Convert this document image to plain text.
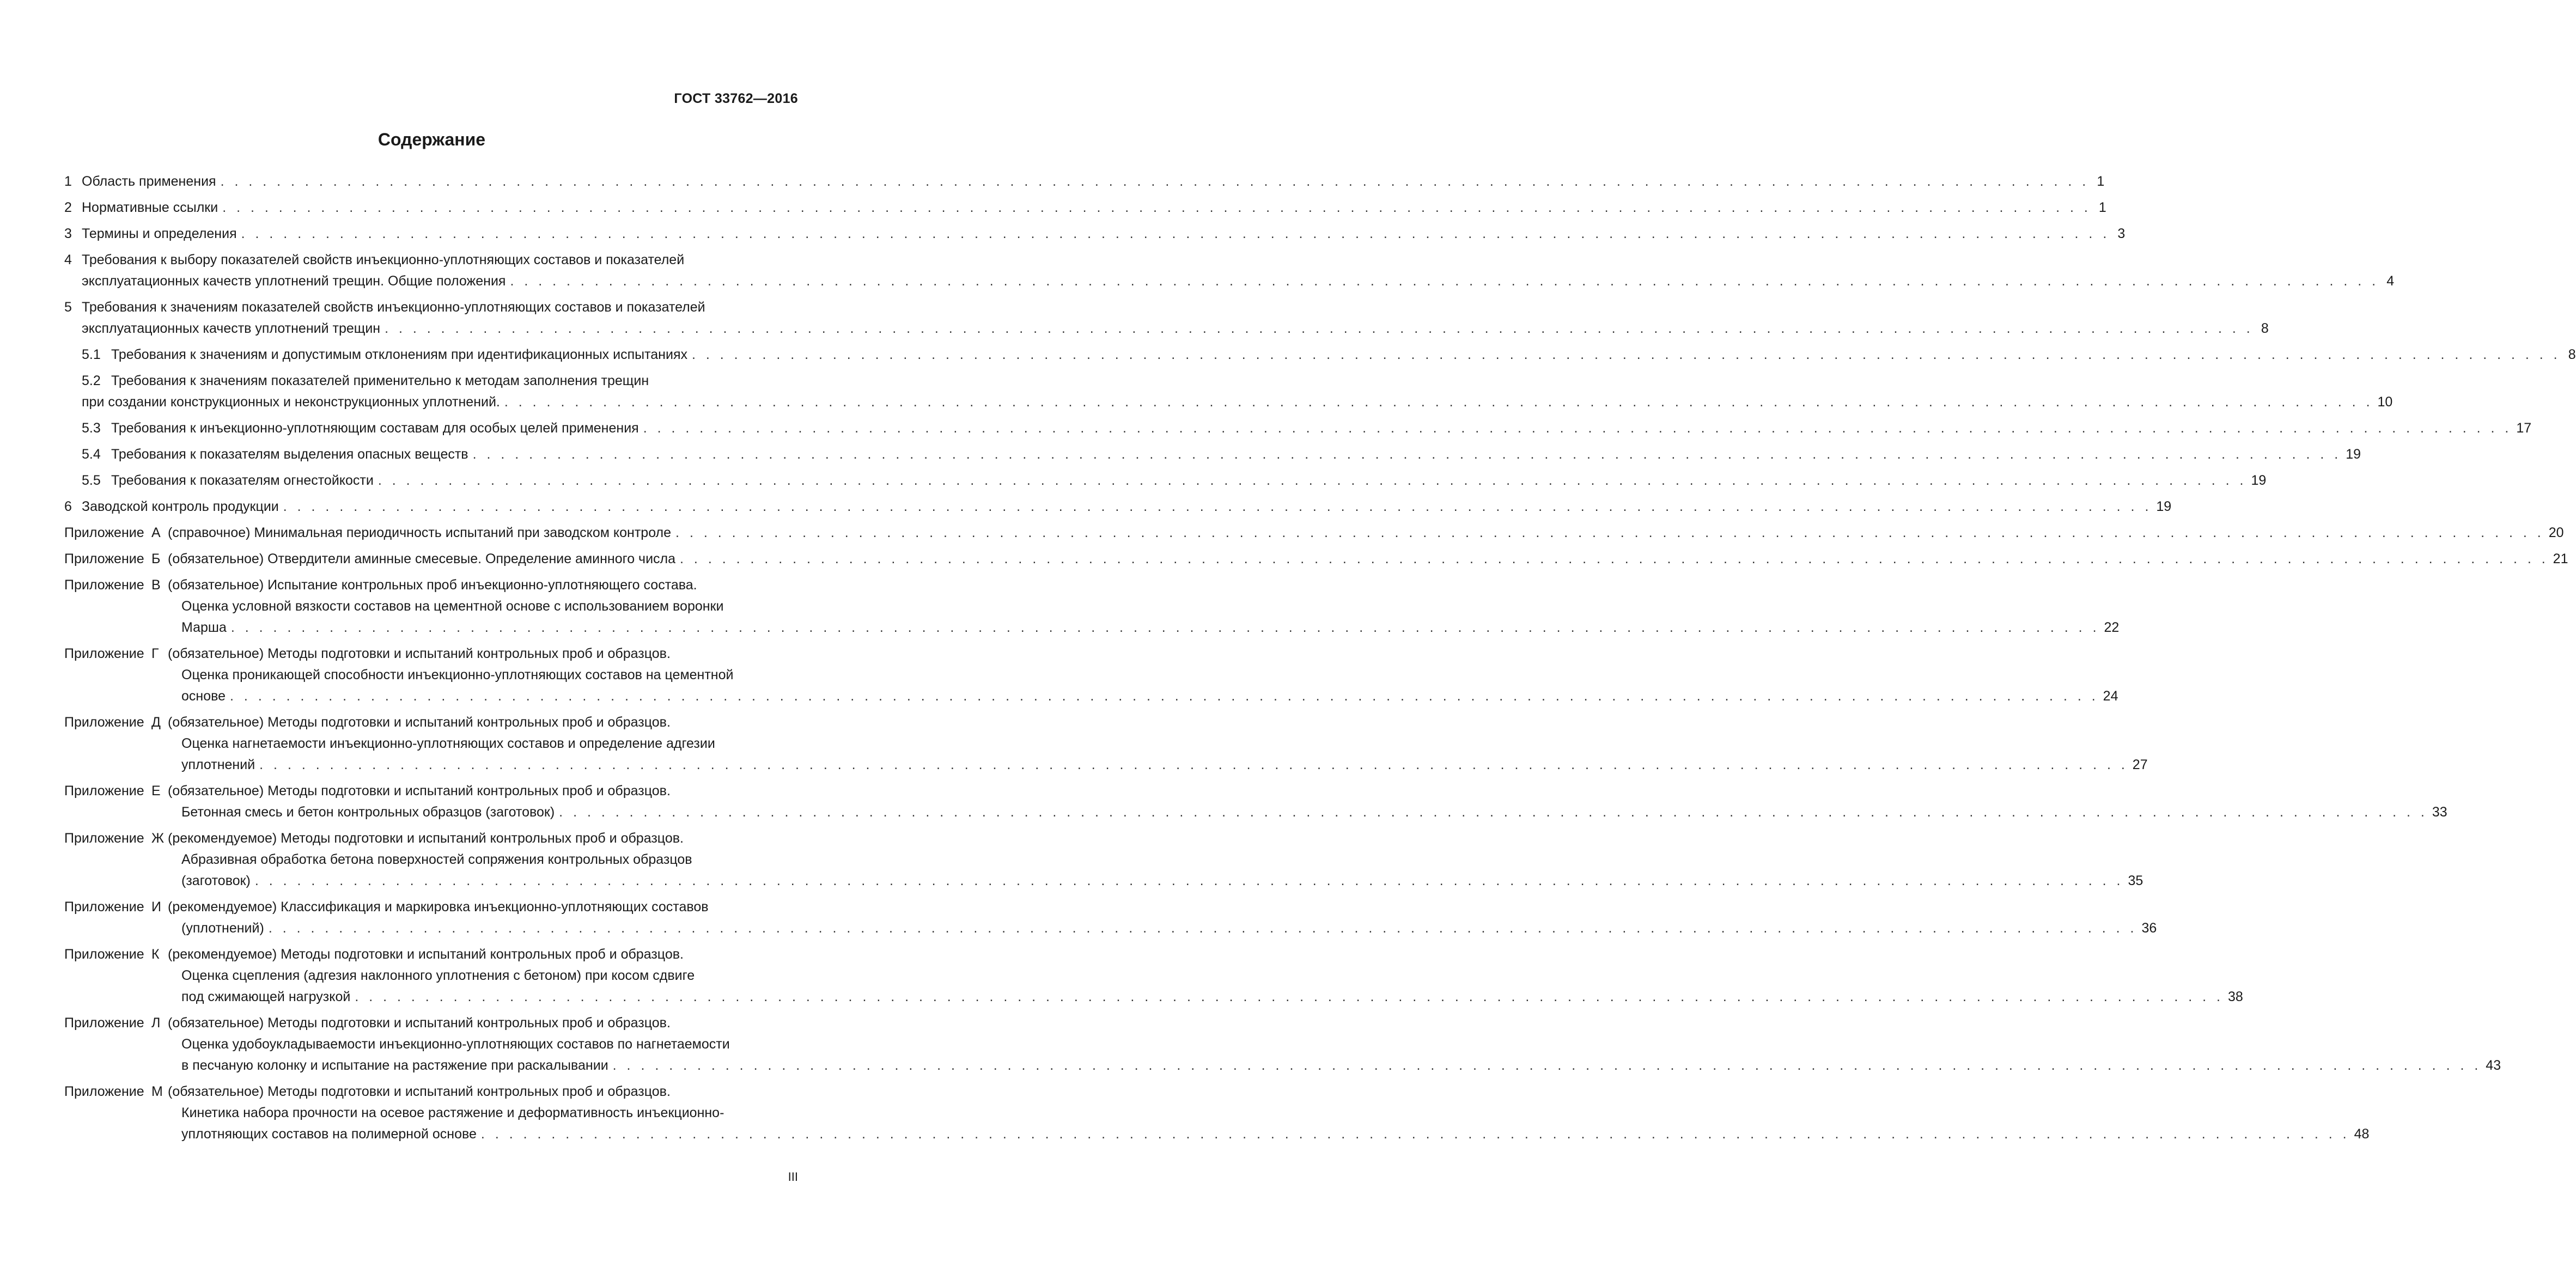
ГОСТ 33762—2016
Содержание
1 Область применения . . .	1
2 Нормативные ссылки . . .	1
3 Термины и определения . . .	3
4 Требования к выбору показателей свойств инъекционно-уплотняющих составов и показателей
эксплуатационных качеств уплотнений трещин. Общие положения . . .	4
5 Требования к значениям показателей свойств инъекционно-уплотняющих составов и показателей
эксплуатационных качеств уплотнений трещин . . .	8
5.1 Требования к значениям и допустимым отклонениям при идентификационных испытаниях . . .	8
5.2 Требования к значениям показателей применительно к методам заполнения трещин
при создании конструкционных и неконструкционных уплотнений. . . .	10
5.3 Требования к инъекционно-уплотняющим составам для особых целей применения . . .	17
5.4 Требования к показателям выделения опасных веществ . . .	19
5.5 Требования к показателям огнестойкости . . .	19
6 Заводской контроль продукции . . .	19
Приложение А (справочное) Минимальная периодичность испытаний при заводском контроле . . .	20
Приложение Б (обязательное) Отвердители аминные смесевые. Определение аминного числа . . .	21
Приложение В (обязательное) Испытание контрольных проб инъекционно-уплотняющего состава.
Оценка условной вязкости составов на цементной основе с использованием воронки
Марша . . .	22
Приложение Г (обязательное) Методы подготовки и испытаний контрольных проб и образцов.
Оценка проникающей способности инъекционно-уплотняющих составов на цементной
основе . . .	24
Приложение Д (обязательное) Методы подготовки и испытаний контрольных проб и образцов.
Оценка нагнетаемости инъекционно-уплотняющих составов и определение адгезии
уплотнений . . .	27
Приложение Е (обязательное) Методы подготовки и испытаний контрольных проб и образцов.
Бетонная смесь и бетон контрольных образцов (заготовок) . . .	33
Приложение Ж (рекомендуемое) Методы подготовки и испытаний контрольных проб и образцов.
Абразивная обработка бетона поверхностей сопряжения контрольных образцов
(заготовок) . . .	35
Приложение И (рекомендуемое) Классификация и маркировка инъекционно-уплотняющих составов
(уплотнений) . . .	36
Приложение К (рекомендуемое) Методы подготовки и испытаний контрольных проб и образцов.
Оценка сцепления (адгезия наклонного уплотнения с бетоном) при косом сдвиге
под сжимающей нагрузкой . . .	38
Приложение Л (обязательное) Методы подготовки и испытаний контрольных проб и образцов.
Оценка удобоукладываемости инъекционно-уплотняющих составов по нагнетаемости
в песчаную колонку и испытание на растяжение при раскалывании . . .	43
Приложение М (обязательное) Методы подготовки и испытаний контрольных проб и образцов.
Кинетика набора прочности на осевое растяжение и деформативность инъекционно-
уплотняющих составов на полимерной основе . . .	48
III
